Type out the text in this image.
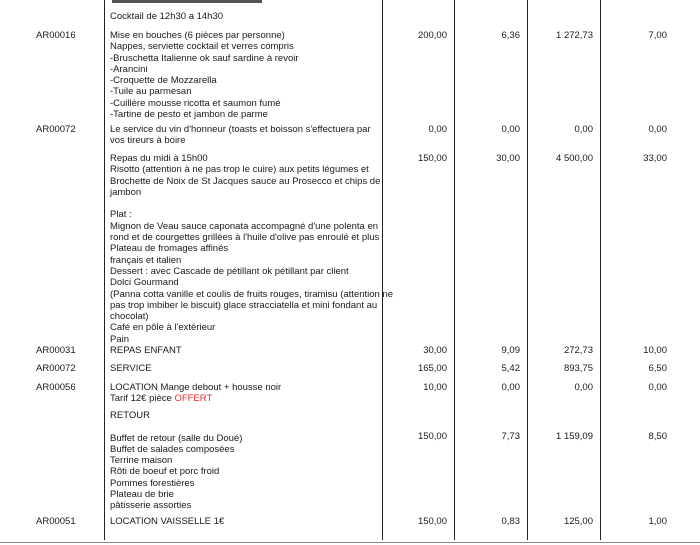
Cocktail de 12h30 a 14h30
AR00016	Mise en bouches (6 pièces par personne)
Nappes, serviette cocktail et verres compris
-Bruschetta Italienne ok sauf sardine à revoir
-Arancini
-Croquette de Mozzarella
-Tuile au parmesan
-Cuillère mousse ricotta et saumon fumé
-Tartine de pesto et jambon de parme
200,00	6,36	1 272,73	7,00
AR00072	Le service du vin d'honneur (toasts et boisson s'effectuera par
vos tireurs à boire
0,00	0,00	0,00	0,00
Repas du midi à 15h00
Risotto (attention à ne pas trop le cuire) aux petits légumes et
Brochette de Noix de St Jacques sauce au Prosecco et chips de
jambon

Plat :
Mignon de Veau sauce caponata accompagné d'une polenta en
rond et de courgettes grillées à l'huile d'olive pas enroulé et plus
Plateau de fromages affinés
français et italien
Dessert : avec Cascade de pétillant ok pétillant par client
Dolci Gourmand
(Panna cotta vanille et coulis de fruits rouges, tiramisu (attention ne
pas trop imbiber le biscuit) glace stracciatella et mini fondant au
chocolat)
Café en pôle à l'extérieur
Pain
150,00	30,00	4 500,00	33,00
AR00031	REPAS ENFANT	30,00	9,09	272,73	10,00
AR00072	SERVICE	165,00	5,42	893,75	6,50
AR00056	LOCATION Mange debout + housse noir
Tarif 12€ pièce OFFERT
10,00	0,00	0,00	0,00
RETOUR

Buffet de retour (salle du Doué)
Buffet de salades composées
Terrine maison
Rôti de boeuf et porc froid
Pommes forestières
Plateau de brie
pâtisserie assorties
150,00	7,73	1 159,09	8,50
AR00051	LOCATION VAISSELLE 1€	150,00	0,83	125,00	1,00
